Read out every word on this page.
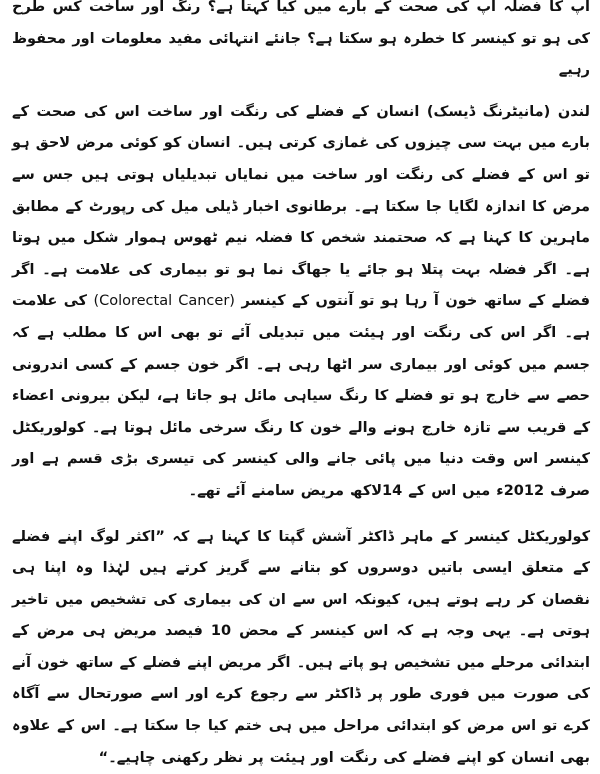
آپ کا فضلہ آپ کی صحت کے بارے میں کیا کہتا ہے؟ رنگ اور ساخت کس طرح کی ہو تو کینسر کا خطرہ ہو سکتا ہے؟ جانئے انتہائی مفید معلومات اور محفوظ رہیے

لندن (مانیٹرنگ ڈیسک) انسان کے فضلے کی رنگت اور ساخت اس کی صحت کے بارے میں بہت سی چیزوں کی غمازی کرتی ہیں۔ انسان کو کوئی مرض لاحق ہو تو اس کے فضلے کی رنگت اور ساخت میں نمایاں تبدیلیاں ہوتی ہیں جس سے مرض کا اندازہ لگایا جا سکتا ہے۔ برطانوی اخبار ڈیلی میل کی رپورٹ کے مطابق ماہرین کا کہنا ہے کہ صحتمند شخص کا فضلہ نیم ٹھوس ہموار شکل میں ہوتا ہے۔ اگر فضلہ بہت پتلا ہو جائے یا جھاگ نما ہو تو بیماری کی علامت ہے۔ اگر فضلے کے ساتھ خون آ رہا ہو تو آنتوں کے کینسر (Colorectal Cancer) کی علامت ہے۔ اگر اس کی رنگت اور ہیئت میں تبدیلی آئے تو بھی اس کا مطلب ہے کہ جسم میں کوئی اور بیماری سر اٹھا رہی ہے۔ اگر خون جسم کے کسی اندرونی حصے سے خارج ہو تو فضلے کا رنگ سیاہی مائل ہو جاتا ہے، لیکن بیرونی اعضاء کے قریب سے تازہ خارج ہونے والے خون کا رنگ سرخی مائل ہوتا ہے۔ کولوریکٹل کینسر اس وقت دنیا میں پائی جانے والی کینسر کی تیسری بڑی قسم ہے اور صرف 2012ء میں اس کے 14لاکھ مریض سامنے آئے تھے۔

کولوریکٹل کینسر کے ماہر ڈاکٹر آشش گپتا کا کہنا ہے کہ ”اکثر لوگ اپنے فضلے کے متعلق ایسی باتیں دوسروں کو بتانے سے گریز کرتے ہیں لہٰذا وہ اپنا ہی نقصان کر رہے ہوتے ہیں، کیونکہ اس سے ان کی بیماری کی تشخیص میں تاخیر ہوتی ہے۔ یہی وجہ ہے کہ اس کینسر کے محض 10 فیصد مریض ہی مرض کے ابتدائی مرحلے میں تشخیص ہو پاتے ہیں۔ اگر مریض اپنے فضلے کے ساتھ خون آنے کی صورت میں فوری طور پر ڈاکٹر سے رجوع کرے اور اسے صورتحال سے آگاہ کرے تو اس مرض کو ابتدائی مراحل میں ہی ختم کیا جا سکتا ہے۔ اس کے علاوہ بھی انسان کو اپنے فضلے کی رنگت اور ہیئت پر نظر رکھنی چاہیے۔“
